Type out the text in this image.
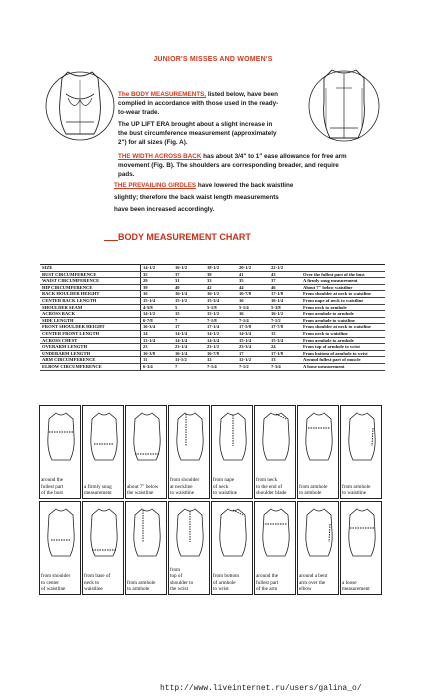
JUNIOR'S MISSES AND WOMEN'S
The BODY MEASUREMENTS, listed below, have been
complied in accordance with those used in the ready-
to-wear trade.
The UP LIFT ERA brought about a slight increase in
the bust circumference measurement (approximately
2") for all sizes (Fig. A).
THE WIDTH ACROSS BACK has about 3/4" to 1" ease allowance for free arm
movement (Fig. B). The shoulders are corresponding breader, and require
pads.
THE PREVAILING GIRDLES have lowered the back waistline
slightly; therefore the back waist length measurements
have been increased accordingly.
BODY MEASUREMENT CHART
SIZE	14-1/2	16-1/2	18-1/2	20-1/2	22-1/2	
BUST CIRCUMFERENCE	35	37	39	41	43	Over the fullest part of the bust
WAIST CIRCUMFERENCE	29	31	33	35	37	A firmly snug measurement
HIP CIRCUMFERENCE	39	40	42	44	46	About 7" below waistline
BACK HOULDER HEIGHT	16	16-1/4	16-1/2	16-7/8	17-1/8	From shoulder at neck to waistline
CENTER BACK LENGTH	15-1/4	15-1/2	15-3/4	16	16-1/4	From nape of neck to waistline
SHOULDER SEAM	4-5/8	5	5-1/8	5-1/4	5-3/8	From neck to armhole
ACROSS BACK	14-1/2	15	15-1/2	16	16-1/2	From armhole to armhole
SIDE LENGTH	6-7/8	7	7-1/8	7-1/4	7-1/2	From armhole to waistline
FRONT SHOULDER HEIGHT	16-3/4	17	17-1/4	17-5/8	17-7/8	From shoulder at neck to waistline
CENTER FRONT LENGTH	14	14-1/4	14-1/2	14-3/4	15	From neck to waistline
ACROSS CHEST	13-1/4	14-1/4	14-3/4	15-1/4	15-3/4	From armhole to armhole
OVERARM LENGTH	23	23-1/4	23-1/2	23-3/4	24	From top of armhole to wrist
UNDERARM LENGTH	16-3/8	16-1/4	16-7/8	17	17-1/8	From bottom of armhole to wrist
ARM CIRCUMFERENCE	11	11-1/2	12	12-1/2	13	Around fullest part of muscle
ELBOW CIRCUMFERENCE	6-3/4	7	7-1/4	7-1/2	7-3/4	A loose measurement
around the
fullest part
of the bust
a firmly snug
measurement
about 7" below
the waistline
from shoulder
at neckline
to waistline
from nape
of neck
to waistline
from neck
to the end of
shoulder blade
from armhole
to armhole
from armhole
to waistline
from shoulder
to center
of waistline
from base of
neck to
waistline
from armhole
to armhole
from
top of
shoulder to
the wrist
from bottom
of armhole
to wrist
around the
fullest part
of the arm
around a bent
arm over the
elbow
a loose
measurement
http://www.liveinternet.ru/users/galina_o/
